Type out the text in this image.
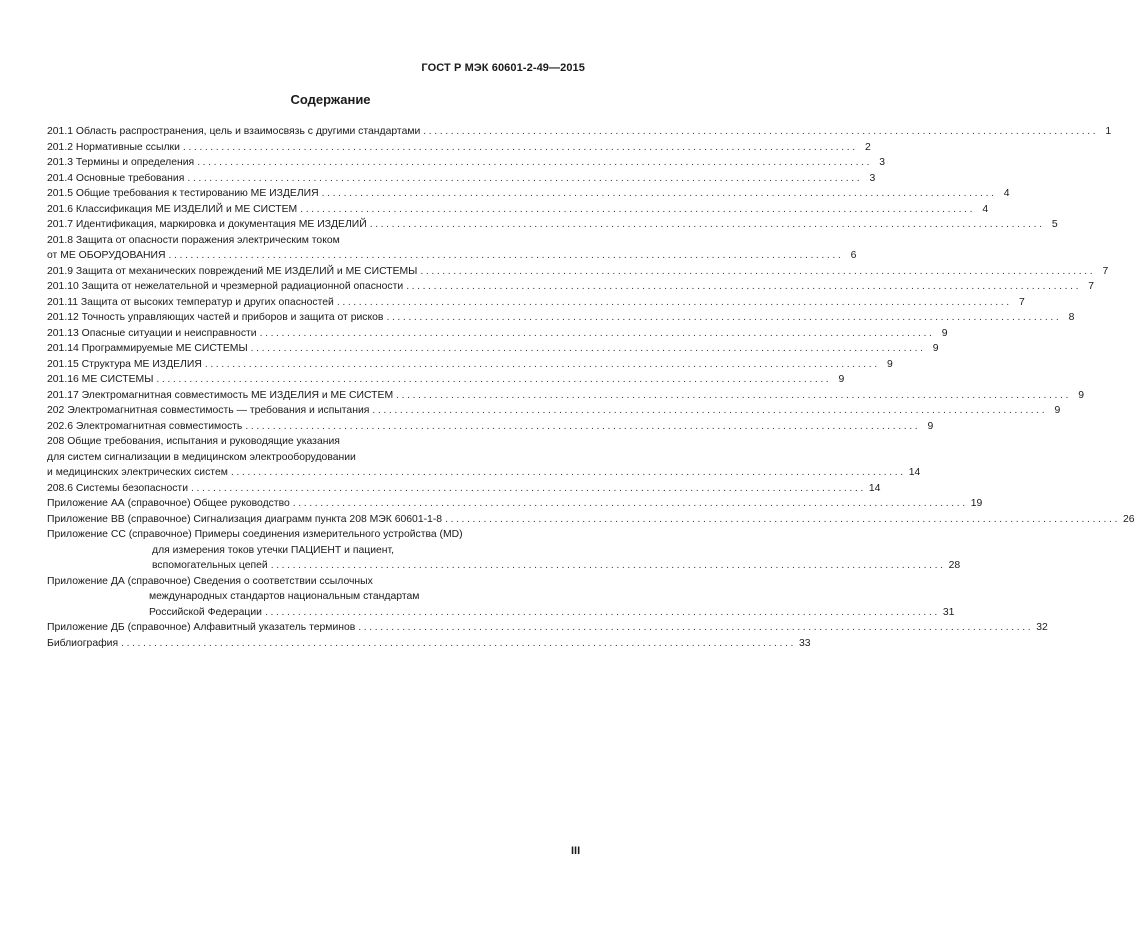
ГОСТ Р МЭК 60601-2-49—2015
Содержание
201.1 Область распространения, цель и взаимосвязь с другими стандартами ........................................................................................................................... 1
201.2 Нормативные ссылки ........................................................................................................................... 2
201.3 Термины и определения ........................................................................................................................... 3
201.4 Основные требования ........................................................................................................................... 3
201.5 Общие требования к тестированию МЕ ИЗДЕЛИЯ ........................................................................................................................... 4
201.6 Классификация МЕ ИЗДЕЛИЙ и МЕ СИСТЕМ ........................................................................................................................... 4
201.7 Идентификация, маркировка и документация МЕ ИЗДЕЛИЙ ........................................................................................................................... 5
201.8 Защита от опасности поражения электрическим током
от МЕ ОБОРУДОВАНИЯ ........................................................................................................................... 6
201.9 Защита от механических повреждений МЕ ИЗДЕЛИЙ и МЕ СИСТЕМЫ ........................................................................................................................... 7
201.10 Защита от нежелательной и чрезмерной радиационной опасности ........................................................................................................................... 7
201.11 Защита от высоких температур и других опасностей ........................................................................................................................... 7
201.12 Точность управляющих частей и приборов и защита от рисков ........................................................................................................................... 8
201.13 Опасные ситуации и неисправности ........................................................................................................................... 9
201.14 Программируемые МЕ СИСТЕМЫ ........................................................................................................................... 9
201.15 Структура МЕ ИЗДЕЛИЯ ........................................................................................................................... 9
201.16 МЕ СИСТЕМЫ ........................................................................................................................... 9
201.17 Электромагнитная совместимость МЕ ИЗДЕЛИЯ и МЕ СИСТЕМ ........................................................................................................................... 9
202 Электромагнитная совместимость — требования и испытания ........................................................................................................................... 9
202.6 Электромагнитная совместимость ........................................................................................................................... 9
208 Общие требования, испытания и руководящие указания
для систем сигнализации в медицинском электрооборудовании
и медицинских электрических систем ........................................................................................................................... 14
208.6 Системы безопасности ........................................................................................................................... 14
Приложение АА (справочное) Общее руководство ........................................................................................................................... 19
Приложение ВВ (справочное) Сигнализация диаграмм пункта 208 МЭК 60601-1-8 ........................................................................................................................... 26
Приложение СС (справочное) Примеры соединения измерительного устройства (MD)
для измерения токов утечки ПАЦИЕНТ и пациент,
вспомогательных цепей ........................................................................................................................... 28
Приложение ДА (справочное) Сведения о соответствии ссылочных
международных стандартов национальным стандартам
Российской Федерации ........................................................................................................................... 31
Приложение ДБ (справочное) Алфавитный указатель терминов ........................................................................................................................... 32
Библиография ........................................................................................................................... 33
III
